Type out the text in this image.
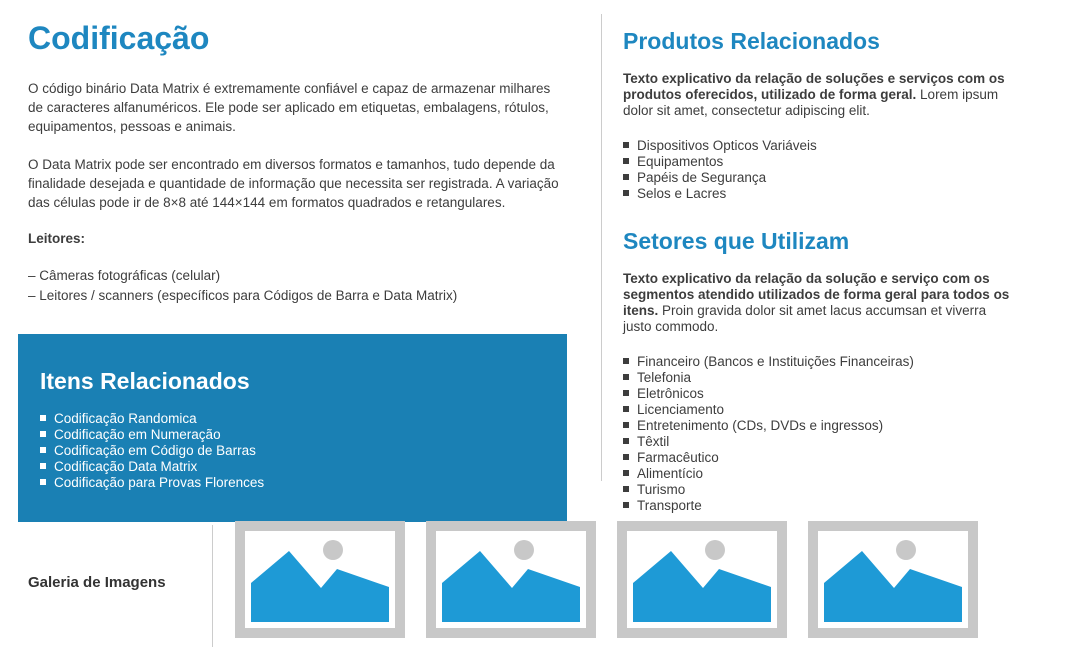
Codificação

O código binário Data Matrix é extremamente confiável e capaz de armazenar milhares de caracteres alfanuméricos. Ele pode ser aplicado em etiquetas, embalagens, rótulos, equipamentos, pessoas e animais.

O Data Matrix pode ser encontrado em diversos formatos e tamanhos, tudo depende da finalidade desejada e quantidade de informação que necessita ser registrada. A variação das células pode ir de 8×8 até 144×144 em formatos quadrados e retangulares.

Leitores:

– Câmeras fotográficas (celular)
– Leitores / scanners (específicos para Códigos de Barra e Data Matrix)
Itens Relacionados
Codificação Randomica
Codificação em Numeração
Codificação em Código de Barras
Codificação Data Matrix
Codificação para Provas Florences
Produtos Relacionados

Texto explicativo da relação de soluções e serviços com os produtos oferecidos, utilizado de forma geral. Lorem ipsum dolor sit amet, consectetur adipiscing elit.

Dispositivos Opticos Variáveis
Equipamentos
Papéis de Segurança
Selos e Lacres
Setores que Utilizam

Texto explicativo da relação da solução e serviço com os segmentos atendido utilizados de forma geral para todos os itens. Proin gravida dolor sit amet lacus accumsan et viverra justo commodo.

Financeiro (Bancos e Instituições Financeiras)
Telefonia
Eletrônicos
Licenciamento
Entretenimento (CDs, DVDs e ingressos)
Têxtil
Farmacêutico
Alimentício
Turismo
Transporte
Galeria de Imagens
